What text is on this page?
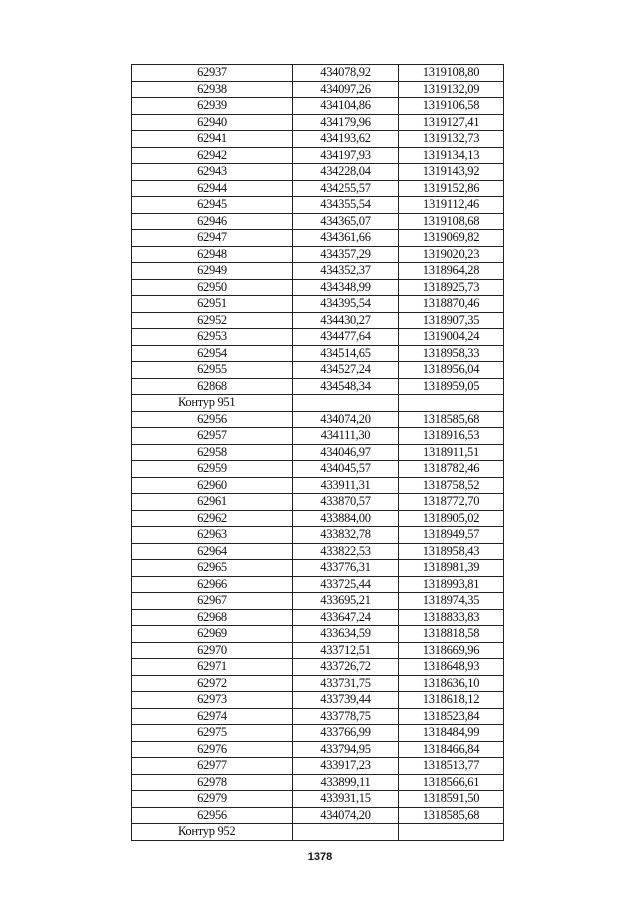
62937	434078,92	1319108,80
62938	434097,26	1319132,09
62939	434104,86	1319106,58
62940	434179,96	1319127,41
62941	434193,62	1319132,73
62942	434197,93	1319134,13
62943	434228,04	1319143,92
62944	434255,57	1319152,86
62945	434355,54	1319112,46
62946	434365,07	1319108,68
62947	434361,66	1319069,82
62948	434357,29	1319020,23
62949	434352,37	1318964,28
62950	434348,99	1318925,73
62951	434395,54	1318870,46
62952	434430,27	1318907,35
62953	434477,64	1319004,24
62954	434514,65	1318958,33
62955	434527,24	1318956,04
62868	434548,34	1318959,05
Контур 951		
62956	434074,20	1318585,68
62957	434111,30	1318916,53
62958	434046,97	1318911,51
62959	434045,57	1318782,46
62960	433911,31	1318758,52
62961	433870,57	1318772,70
62962	433884,00	1318905,02
62963	433832,78	1318949,57
62964	433822,53	1318958,43
62965	433776,31	1318981,39
62966	433725,44	1318993,81
62967	433695,21	1318974,35
62968	433647,24	1318833,83
62969	433634,59	1318818,58
62970	433712,51	1318669,96
62971	433726,72	1318648,93
62972	433731,75	1318636,10
62973	433739,44	1318618,12
62974	433778,75	1318523,84
62975	433766,99	1318484,99
62976	433794,95	1318466,84
62977	433917,23	1318513,77
62978	433899,11	1318566,61
62979	433931,15	1318591,50
62956	434074,20	1318585,68
Контур 952		
1378
